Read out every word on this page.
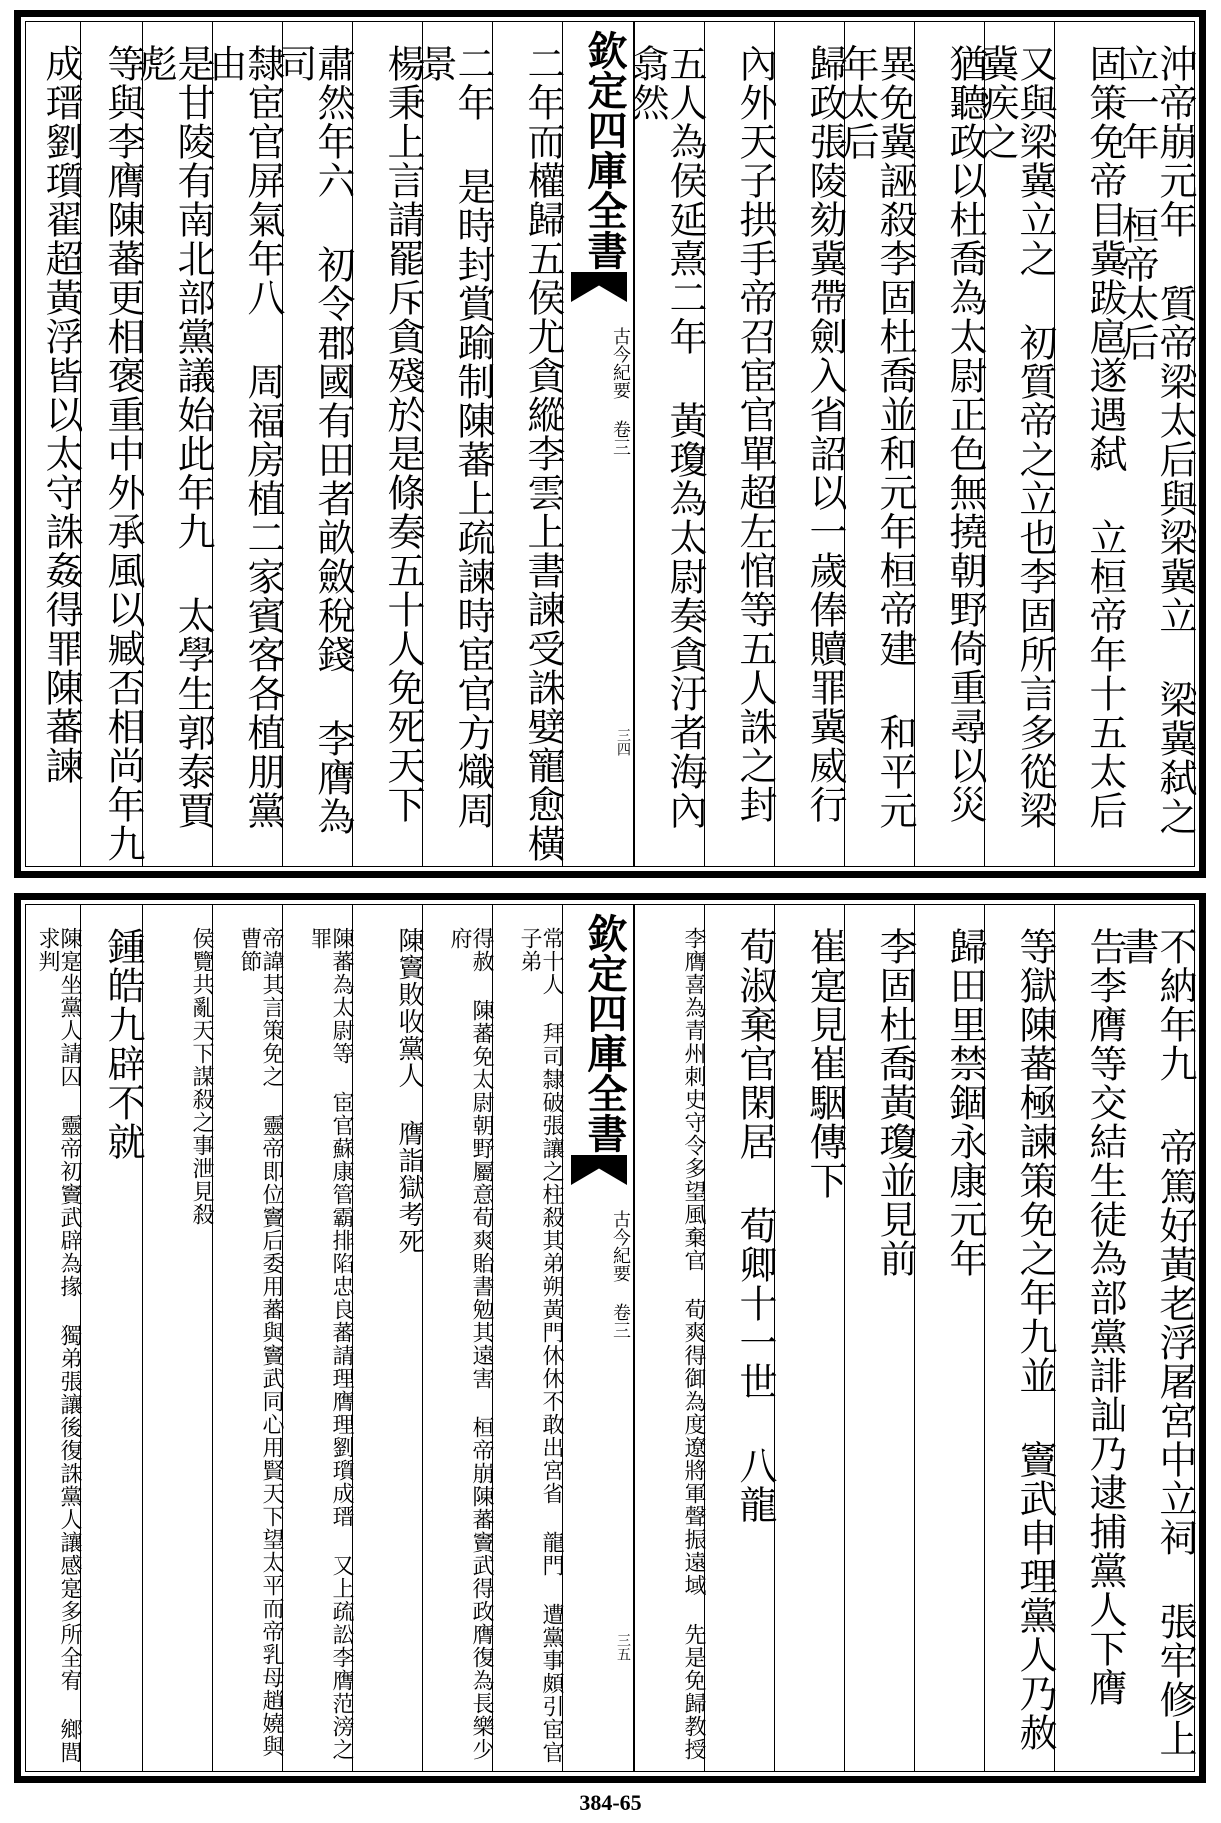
沖帝崩元年 質帝梁太后與梁冀立 梁冀弑之立一年 桓帝太后
固策免帝目冀跋扈遂遇弑 立桓帝年十五太后
又與梁冀立之 初質帝之立也李固所言多從梁冀疾之
猶聽政以杜喬為太尉正色無撓朝野倚重尋以災
異免冀誣殺李固杜喬並和元年桓帝建 和平元年太后
歸政張陵劾冀帶劍入省詔以一歲俸贖罪冀威行
內外天子拱手帝召宦官單超左悺等五人誅之封
五人為侯延熹二年 黃瓊為太尉奏貪汙者海內翕然
欽定四庫全書
古今紀要 卷三
三四
二年而權歸五侯尤貪縱李雲上書諫受誅嬖寵愈橫
二年 是時封賞踰制陳蕃上疏諫時宦官方熾周景
楊秉上言請罷斥貪殘於是條奏五十人免死天下
肅然年六 初令郡國有田者畝斂稅錢 李膺為司
隸宦官屏氣年八 周福房植二家賓客各植朋黨由
是甘陵有南北部黨議始此年九 太學生郭泰賈彪
等與李膺陳蕃更相褒重中外承風以臧否相尚年九
成瑨劉瓆翟超黃浮皆以太守誅姦得罪陳蕃諫
不納年九 帝篤好黃老浮屠宮中立祠 張牢修上書
告李膺等交結生徒為部黨誹訕乃逮捕黨人下膺
等獄陳蕃極諫策免之年九並 竇武申理黨人乃赦
歸田里禁錮永康元年
李固杜喬黃瓊並見前
崔寔見崔駰傳下
荀淑棄官閑居 荀卿十一世 八龍
李膺喜為青州刺史守令多望風棄官 荀爽得御為度遼將軍聲振遠域 先是免歸教授
欽定四庫全書
古今紀要 卷三
三五
常十人 拜司隸破張讓之柱殺其弟朔黃門休休不敢出宮省 龍門 遭黨事頗引宦官子弟
得赦 陳蕃免太尉朝野屬意荀爽貽書勉其遠害 桓帝崩陳蕃竇武得政膺復為長樂少府
陳竇敗收黨人 膺詣獄考死
陳蕃為太尉等 宦官蘇康管霸排陷忠良蕃請理膺理劉瓆成瑨 又上疏訟李膺范滂之罪
帝諱其言策免之 靈帝即位竇后委用蕃與竇武同心用賢天下望太平而帝乳母趙嬈與曹節
侯覽共亂天下謀殺之事泄見殺
鍾皓九辟不就
陳寔坐黨人請囚 靈帝初竇武辟為掾 獨弟張讓後復誅黨人讓感寔多所全宥 鄉閭求判
384-65
